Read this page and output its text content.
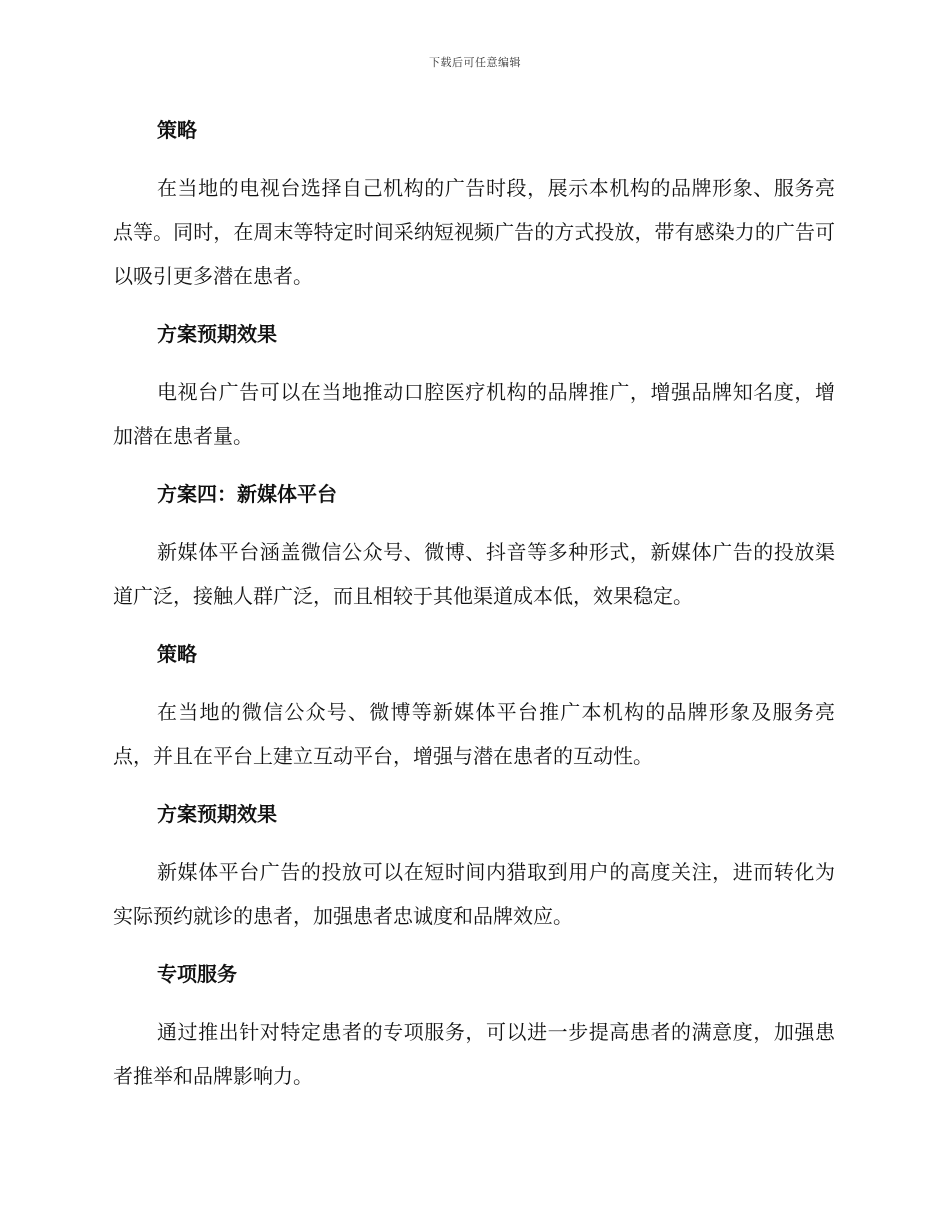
下载后可任意编辑
策略

在当地的电视台选择自己机构的广告时段，展示本机构的品牌形象、服务亮点等。同时，在周末等特定时间采纳短视频广告的方式投放，带有感染力的广告可以吸引更多潜在患者。

方案预期效果

电视台广告可以在当地推动口腔医疗机构的品牌推广，增强品牌知名度，增加潜在患者量。

方案四：新媒体平台

新媒体平台涵盖微信公众号、微博、抖音等多种形式，新媒体广告的投放渠道广泛，接触人群广泛，而且相较于其他渠道成本低，效果稳定。

策略

在当地的微信公众号、微博等新媒体平台推广本机构的品牌形象及服务亮点，并且在平台上建立互动平台，增强与潜在患者的互动性。

方案预期效果

新媒体平台广告的投放可以在短时间内猎取到用户的高度关注，进而转化为实际预约就诊的患者，加强患者忠诚度和品牌效应。

专项服务

通过推出针对特定患者的专项服务，可以进一步提高患者的满意度，加强患者推举和品牌影响力。
